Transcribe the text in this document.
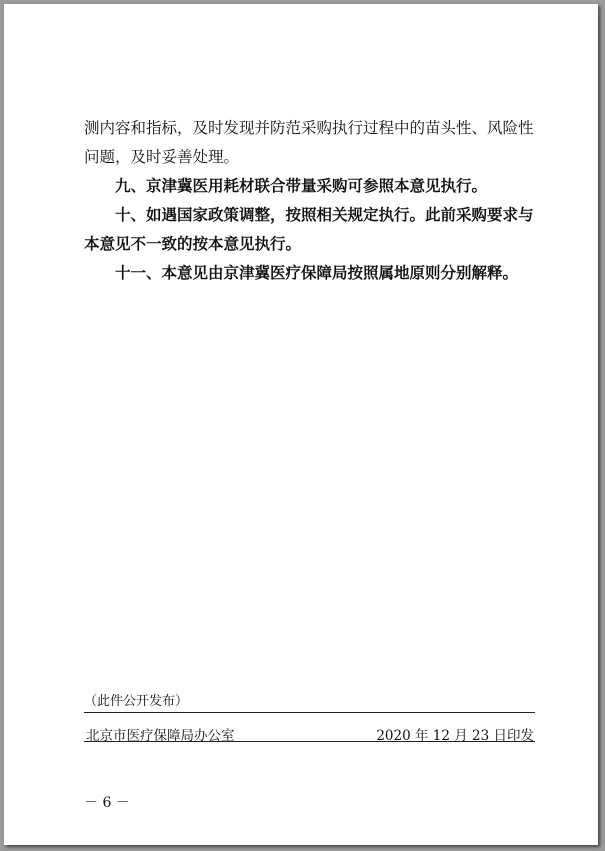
测内容和指标，及时发现并防范采购执行过程中的苗头性、风险性问题，及时妥善处理。

九、京津冀医用耗材联合带量采购可参照本意见执行。

十、如遇国家政策调整，按照相关规定执行。此前采购要求与本意见不一致的按本意见执行。

十一、本意见由京津冀医疗保障局按照属地原则分别解释。

（此件公开发布）
北京市医疗保障局办公室	2020 年 12 月 23 日印发
－ 6 －
